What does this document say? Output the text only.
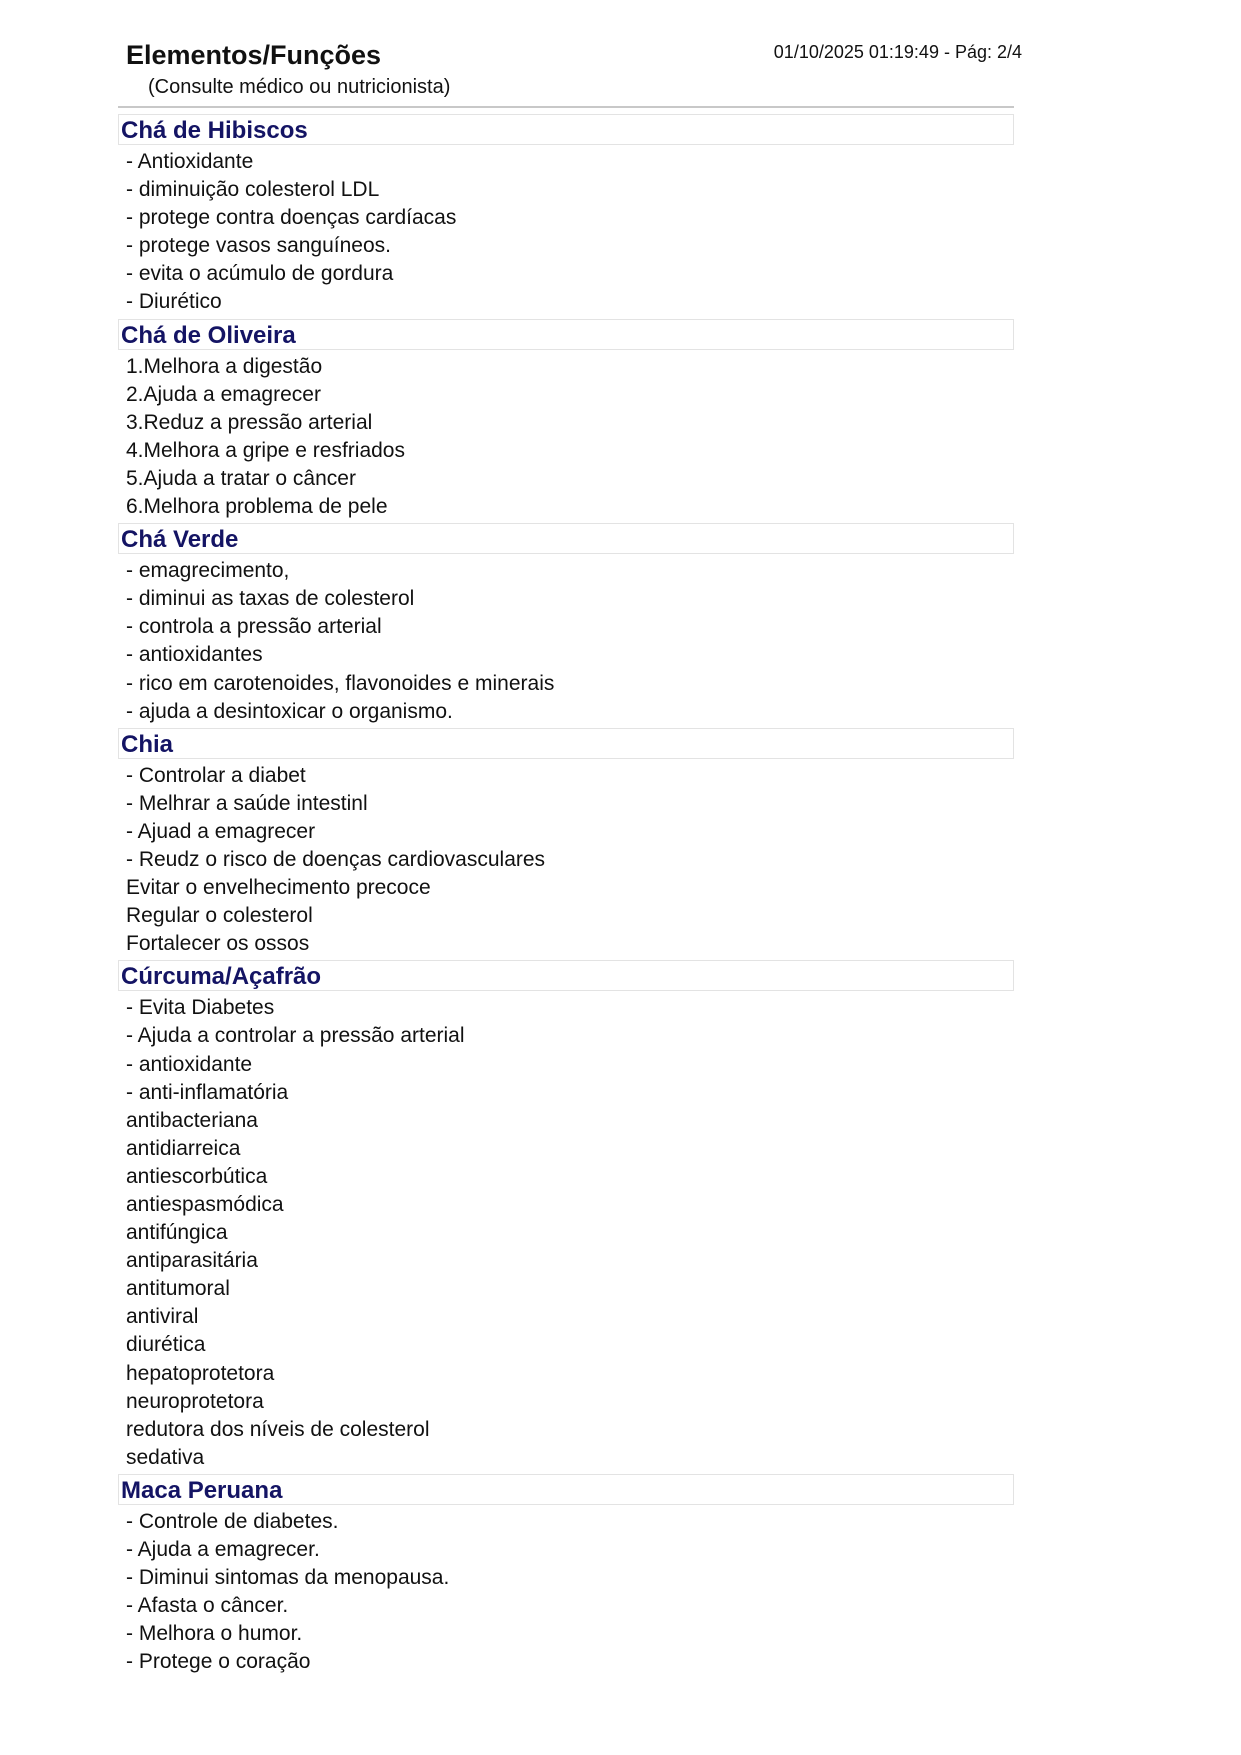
Elementos/Funções
(Consulte médico ou nutricionista)
01/10/2025 01:19:49 - Pág: 2/4
Chá de Hibiscos
- Antioxidante
- diminuição colesterol LDL
- protege contra doenças cardíacas
- protege vasos sanguíneos.
- evita o acúmulo de gordura
- Diurético
Chá de Oliveira
1.Melhora a digestão
2.Ajuda a emagrecer
3.Reduz a pressão arterial
4.Melhora a gripe e resfriados
5.Ajuda a tratar o câncer
6.Melhora problema de pele
Chá Verde
- emagrecimento,
- diminui as taxas de colesterol
- controla a pressão arterial
- antioxidantes
- rico em carotenoides, flavonoides e minerais
- ajuda a desintoxicar o organismo.
Chia
- Controlar a diabet
- Melhrar a saúde intestinl
- Ajuad a emagrecer
- Reudz o risco de doenças cardiovasculares
Evitar o envelhecimento precoce
Regular o colesterol
Fortalecer os ossos
Cúrcuma/Açafrão
- Evita Diabetes
- Ajuda a controlar a pressão arterial
- antioxidante
- anti-inflamatória
antibacteriana
antidiarreica
antiescorbútica
antiespasmódica
antifúngica
antiparasitária
antitumoral
antiviral
diurética
hepatoprotetora
neuroprotetora
redutora dos níveis de colesterol
sedativa
Maca Peruana
- Controle de diabetes.
- Ajuda a emagrecer.
- Diminui sintomas da menopausa.
- Afasta o câncer.
- Melhora o humor.
- Protege o coração
